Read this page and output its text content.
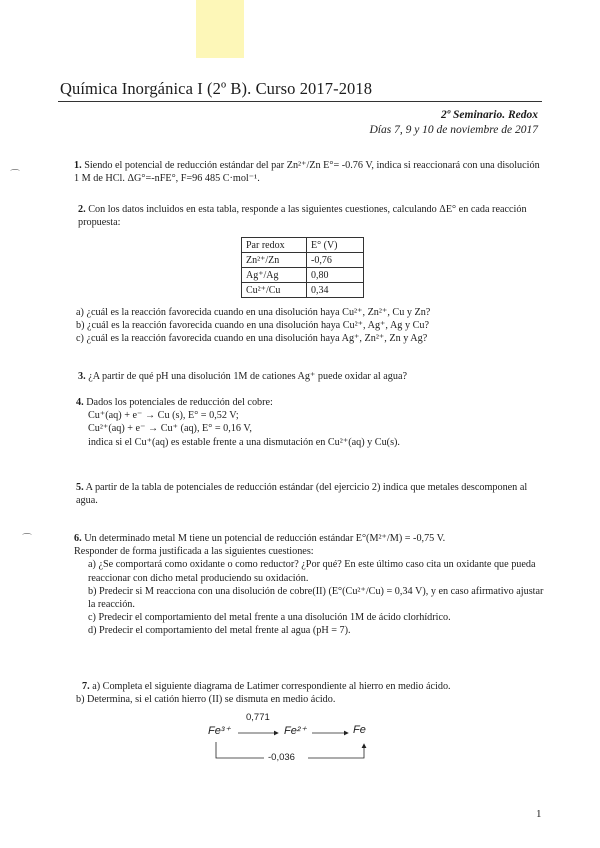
Química Inorgánica I (2º B). Curso 2017-2018
2º Seminario. Redox
Días 7, 9 y 10 de noviembre de 2017
1. Siendo el potencial de reducción estándar del par Zn²⁺/Zn E°= -0.76 V, indica si reaccionará con una disolución 1 M de HCl. ΔG°=-nFE°, F=96 485 C·mol⁻¹.
2. Con los datos incluidos en esta tabla, responde a las siguientes cuestiones, calculando ΔE° en cada reacción propuesta:
Par redox	E° (V)
Zn²⁺/Zn	-0,76
Ag⁺/Ag	0,80
Cu²⁺/Cu	0,34
a) ¿cuál es la reacción favorecida cuando en una disolución haya Cu²⁺, Zn²⁺, Cu y Zn?
b) ¿cuál es la reacción favorecida cuando en una disolución haya Cu²⁺, Ag⁺, Ag y Cu?
c) ¿cuál es la reacción favorecida cuando en una disolución haya Ag⁺, Zn²⁺, Zn y Ag?
3. ¿A partir de qué pH una disolución 1M de cationes Ag⁺ puede oxidar al agua?
4. Dados los potenciales de reducción del cobre:
Cu⁺(aq) + e⁻ → Cu (s), E° = 0,52 V;
Cu²⁺(aq) + e⁻ → Cu⁺ (aq), E° = 0,16 V,
indica si el Cu⁺(aq) es estable frente a una dismutación en Cu²⁺(aq) y Cu(s).
5. A partir de la tabla de potenciales de reducción estándar (del ejercicio 2) indica que metales descomponen al agua.
6. Un determinado metal M tiene un potencial de reducción estándar E°(M²⁺/M) = -0,75 V.
Responder de forma justificada a las siguientes cuestiones:
a) ¿Se comportará como oxidante o como reductor? ¿Por qué? En este último caso cita un oxidante que pueda reaccionar con dicho metal produciendo su oxidación.
b) Predecir si M reacciona con una disolución de cobre(II) (E°(Cu²⁺/Cu) = 0,34 V), y en caso afirmativo ajustar la reacción.
c) Predecir el comportamiento del metal frente a una disolución 1M de ácido clorhídrico.
d) Predecir el comportamiento del metal frente al agua (pH = 7).
7. a) Completa el siguiente diagrama de Latimer correspondiente al hierro en medio ácido.
b) Determina, si el catión hierro (II) se dismuta en medio ácido.
Fe³⁺	Fe²⁺	Fe
0,771
-0,036
⌒
⌒
1
